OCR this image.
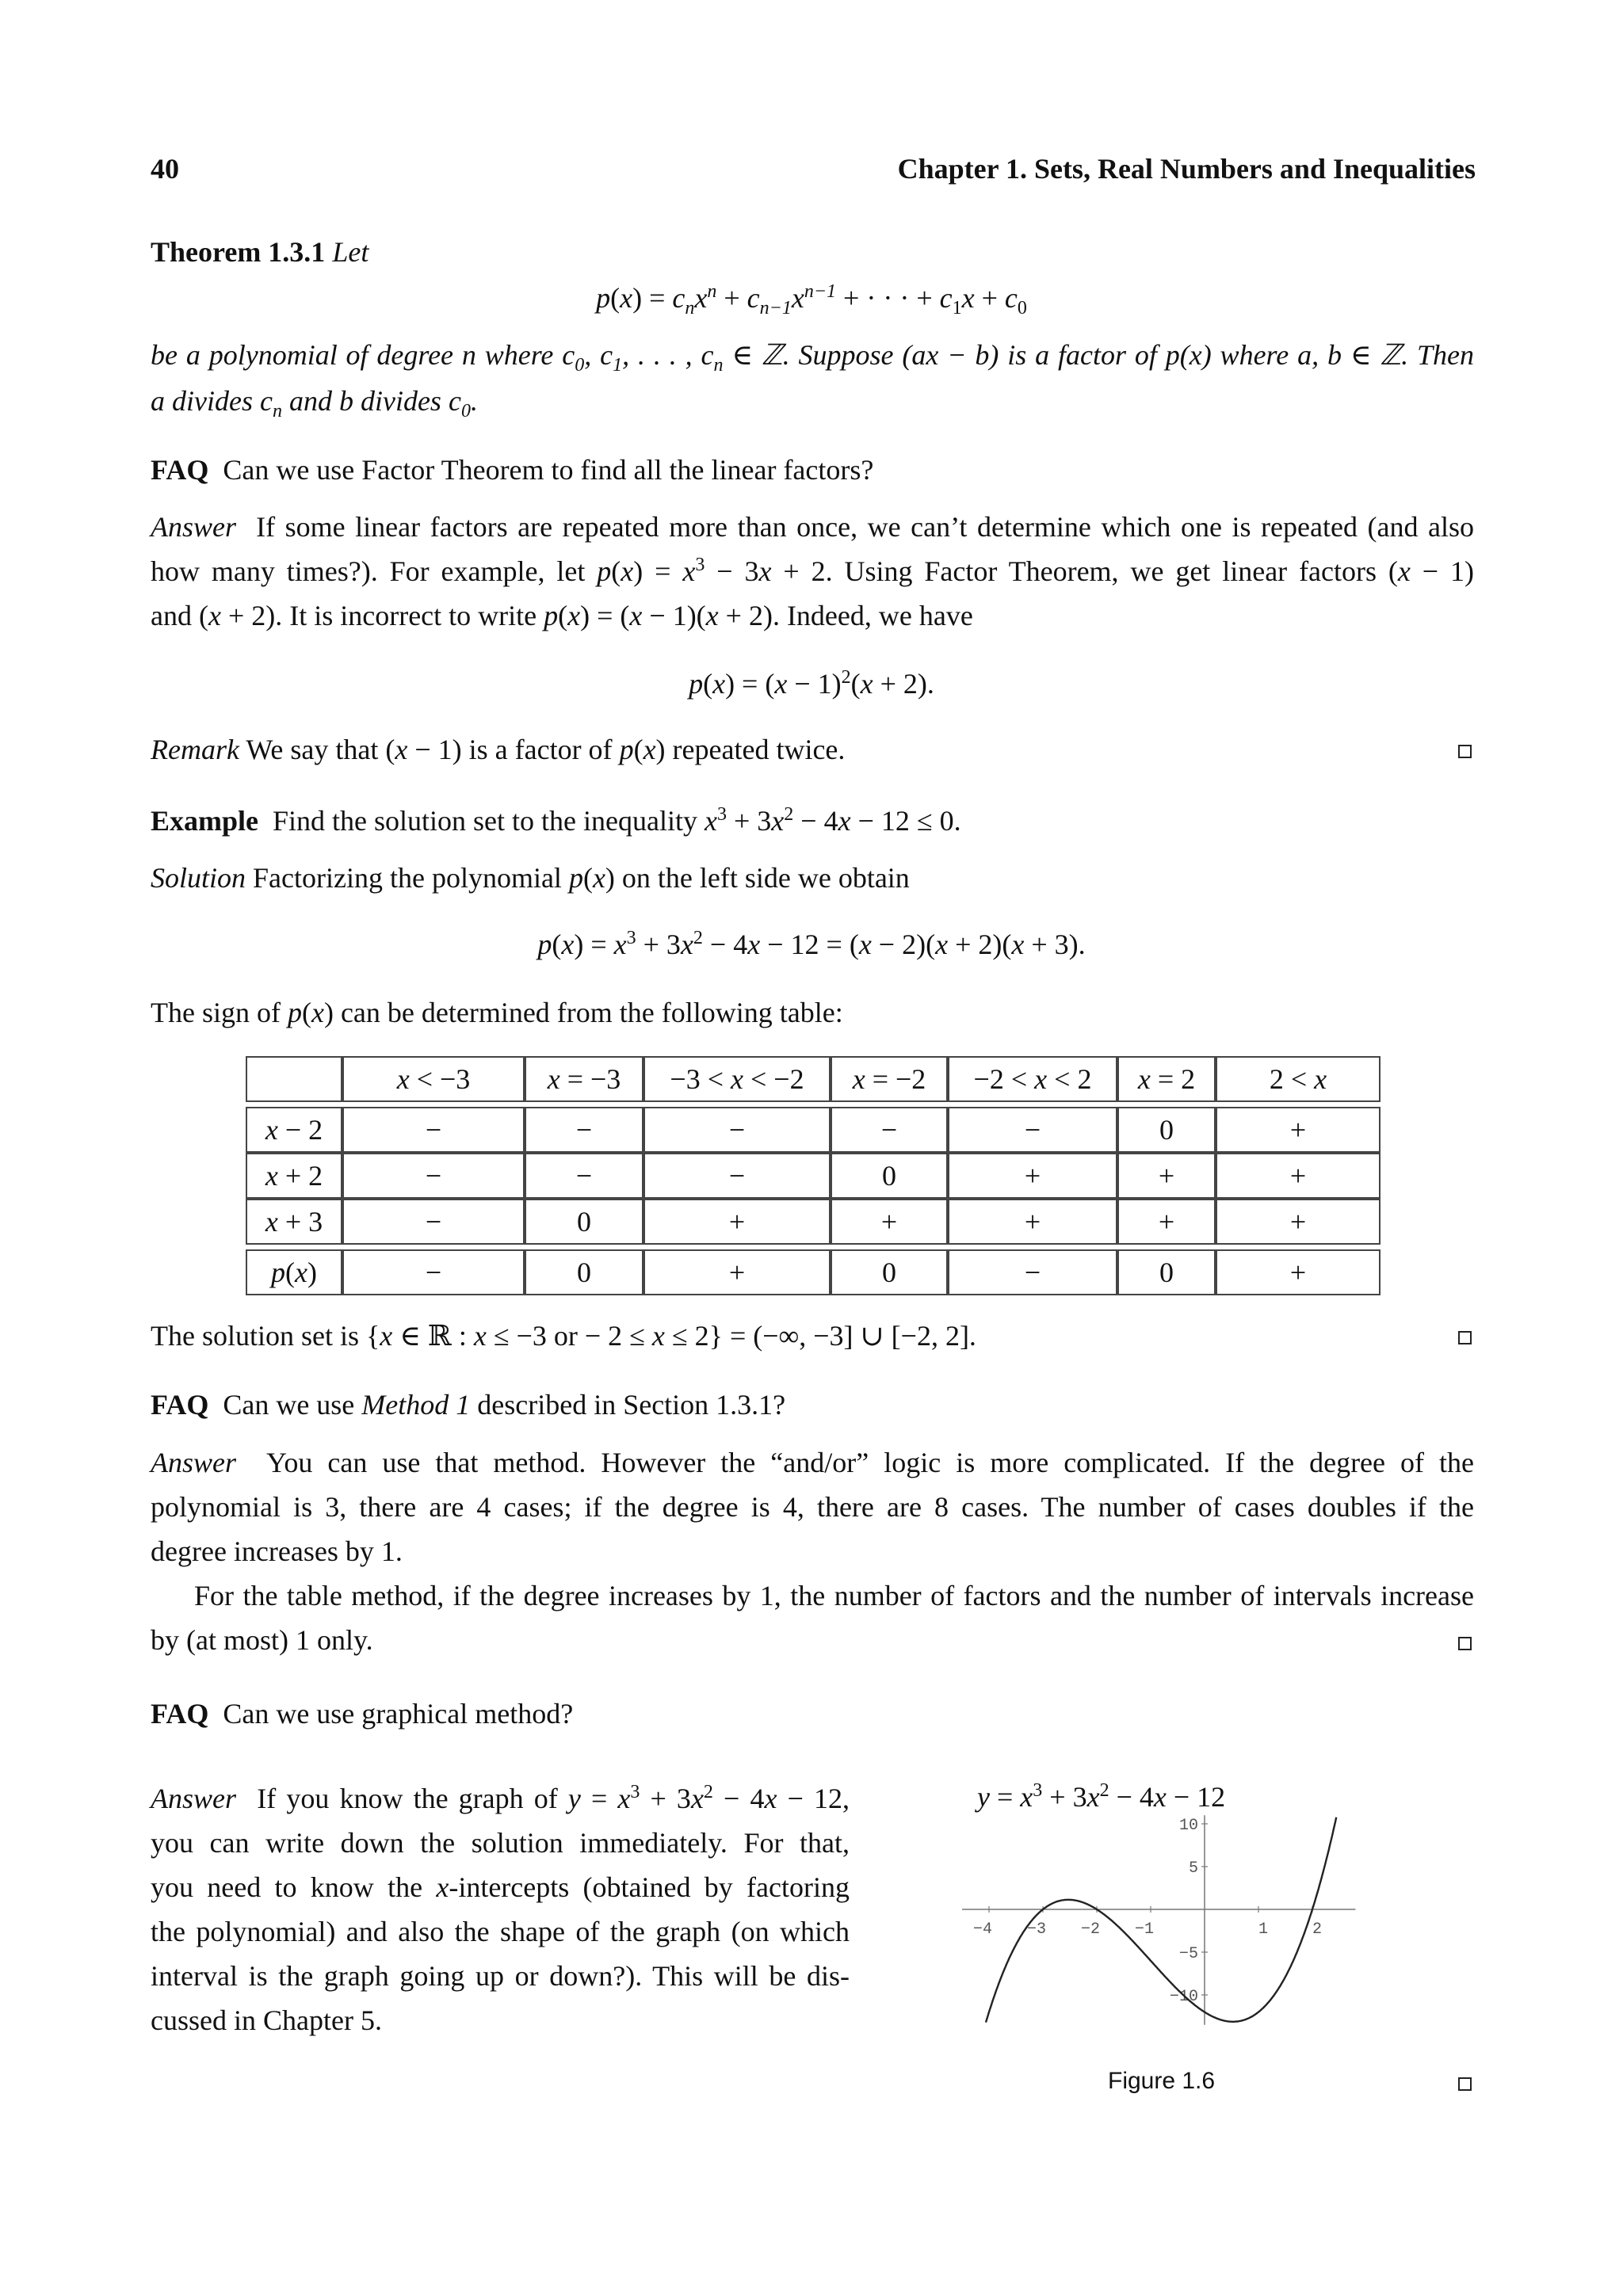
40	Chapter 1. Sets, Real Numbers and Inequalities
Theorem 1.3.1 Let
$p(x) = c_nx^n + c_{n-1}x^{n-1}$ + · · · + $c_1x + c_0$
be a polynomial of degree n where $c_0$, $c_1$, . . . , $c_n$ ∈ ℤ. Suppose (ax − b) is a factor of p(x) where a, b ∈ ℤ. Then
a divides $c_n$ and b divides $c_0$.
FAQ Can we use Factor Theorem to find all the linear factors?
Answer If some linear factors are repeated more than once, we can’t determine which one is repeated (and also
how many times?). For example, let $p(x) = x^3 - 3x + 2$. Using Factor Theorem, we get linear factors (x − 1)
and (x + 2). It is incorrect to write p(x) = (x − 1)(x + 2). Indeed, we have
$p(x) = (x - 1)^2(x + 2)$.
Remark We say that (x − 1) is a factor of p(x) repeated twice.
Example Find the solution set to the inequality $x^3 + 3x^2 - 4x - 12 \le 0$.
Solution Factorizing the polynomial p(x) on the left side we obtain
$p(x) = x^3 + 3x^2 - 4x - 12 = (x - 2)(x + 2)(x + 3)$.
The sign of p(x) can be determined from the following table:
	x < −3	x = −3	−3 < x < −2	x = −2	−2 < x < 2	x = 2	2 < x

x − 2	−	−	−	−	−	0	+
x + 2	−	−	−	0	+	+	+
x + 3	−	0	+	+	+	+	+

p(x)	−	0	+	0	−	0	+
The solution set is {x ∈ ℝ : x ≤ −3 or − 2 ≤ x ≤ 2} = (−∞, −3] ∪ [−2, 2].
FAQ Can we use Method 1 described in Section 1.3.1?
Answer You can use that method. However the “and/or” logic is more complicated. If the degree of the
polynomial is 3, there are 4 cases; if the degree is 4, there are 8 cases. The number of cases doubles if the
degree increases by 1.
For the table method, if the degree increases by 1, the number of factors and the number of intervals increase
by (at most) 1 only.
FAQ Can we use graphical method?
Answer If you know the graph of $y = x^3 + 3x^2 - 4x - 12$,
you can write down the solution immediately. For that,
you need to know the x-intercepts (obtained by factoring
the polynomial) and also the shape of the graph (on which
interval is the graph going up or down?). This will be dis-
cussed in Chapter 5.
$y = x^3 + 3x^2 - 4x - 12$
−4 −3 −2 −1	1	2
10
5
−5
−10
Figure 1.6
